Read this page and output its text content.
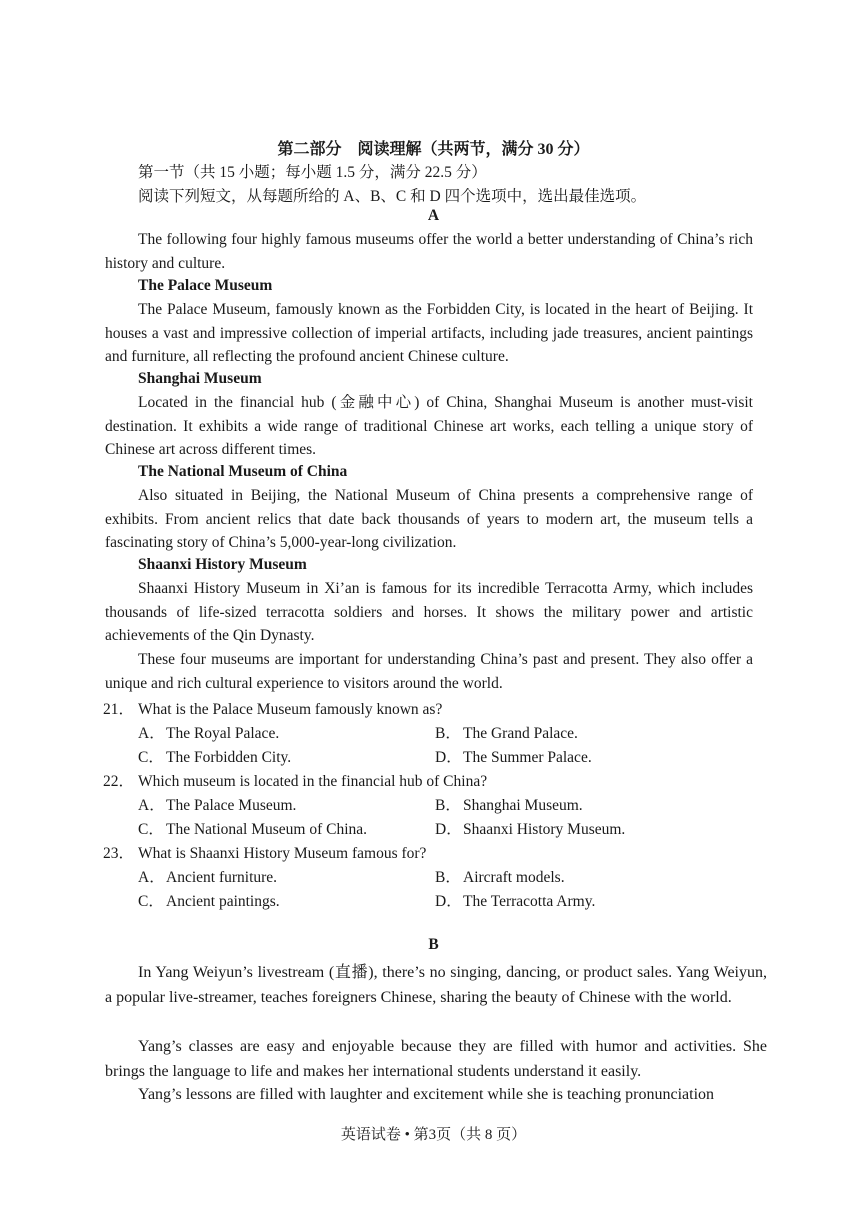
第二部分　阅读理解（共两节，满分 30 分）
第一节（共 15 小题；每小题 1.5 分，满分 22.5 分）
阅读下列短文，从每题所给的 A、B、C 和 D 四个选项中，选出最佳选项。
A
The following four highly famous museums offer the world a better understanding of China’s rich history and culture.
The Palace Museum
The Palace Museum, famously known as the Forbidden City, is located in the heart of Beijing. It houses a vast and impressive collection of imperial artifacts, including jade treasures, ancient paintings and furniture, all reflecting the profound ancient Chinese culture.
Shanghai Museum
Located in the financial hub (金融中心) of China, Shanghai Museum is another must-visit destination. It exhibits a wide range of traditional Chinese art works, each telling a unique story of Chinese art across different times.
The National Museum of China
Also situated in Beijing, the National Museum of China presents a comprehensive range of exhibits. From ancient relics that date back thousands of years to modern art, the museum tells a fascinating story of China’s 5,000-year-long civilization.
Shaanxi History Museum
Shaanxi History Museum in Xi’an is famous for its incredible Terracotta Army, which includes thousands of life-sized terracotta soldiers and horses. It shows the military power and artistic achievements of the Qin Dynasty.
These four museums are important for understanding China’s past and present. They also offer a unique and rich cultural experience to visitors around the world.
21． What is the Palace Museum famously known as?
A．The Royal Palace.	B． The Grand Palace.
C． The Forbidden City.	D．The Summer Palace.
22． Which museum is located in the financial hub of China?
A．The Palace Museum.	B． Shanghai Museum.
C． The National Museum of China.	D．Shaanxi History Museum.
23． What is Shaanxi History Museum famous for?
A．Ancient furniture.	B． Aircraft models.
C． Ancient paintings.	D．The Terracotta Army.
B
In Yang Weiyun’s livestream (直播), there’s no singing, dancing, or product sales. Yang Weiyun, a popular live-streamer, teaches foreigners Chinese, sharing the beauty of Chinese with the world.
Yang’s classes are easy and enjoyable because they are filled with humor and activities. She brings the language to life and makes her international students understand it easily.
Yang’s lessons are filled with laughter and excitement while she is teaching pronunciation
英语试卷 • 第3页（共 8 页）
